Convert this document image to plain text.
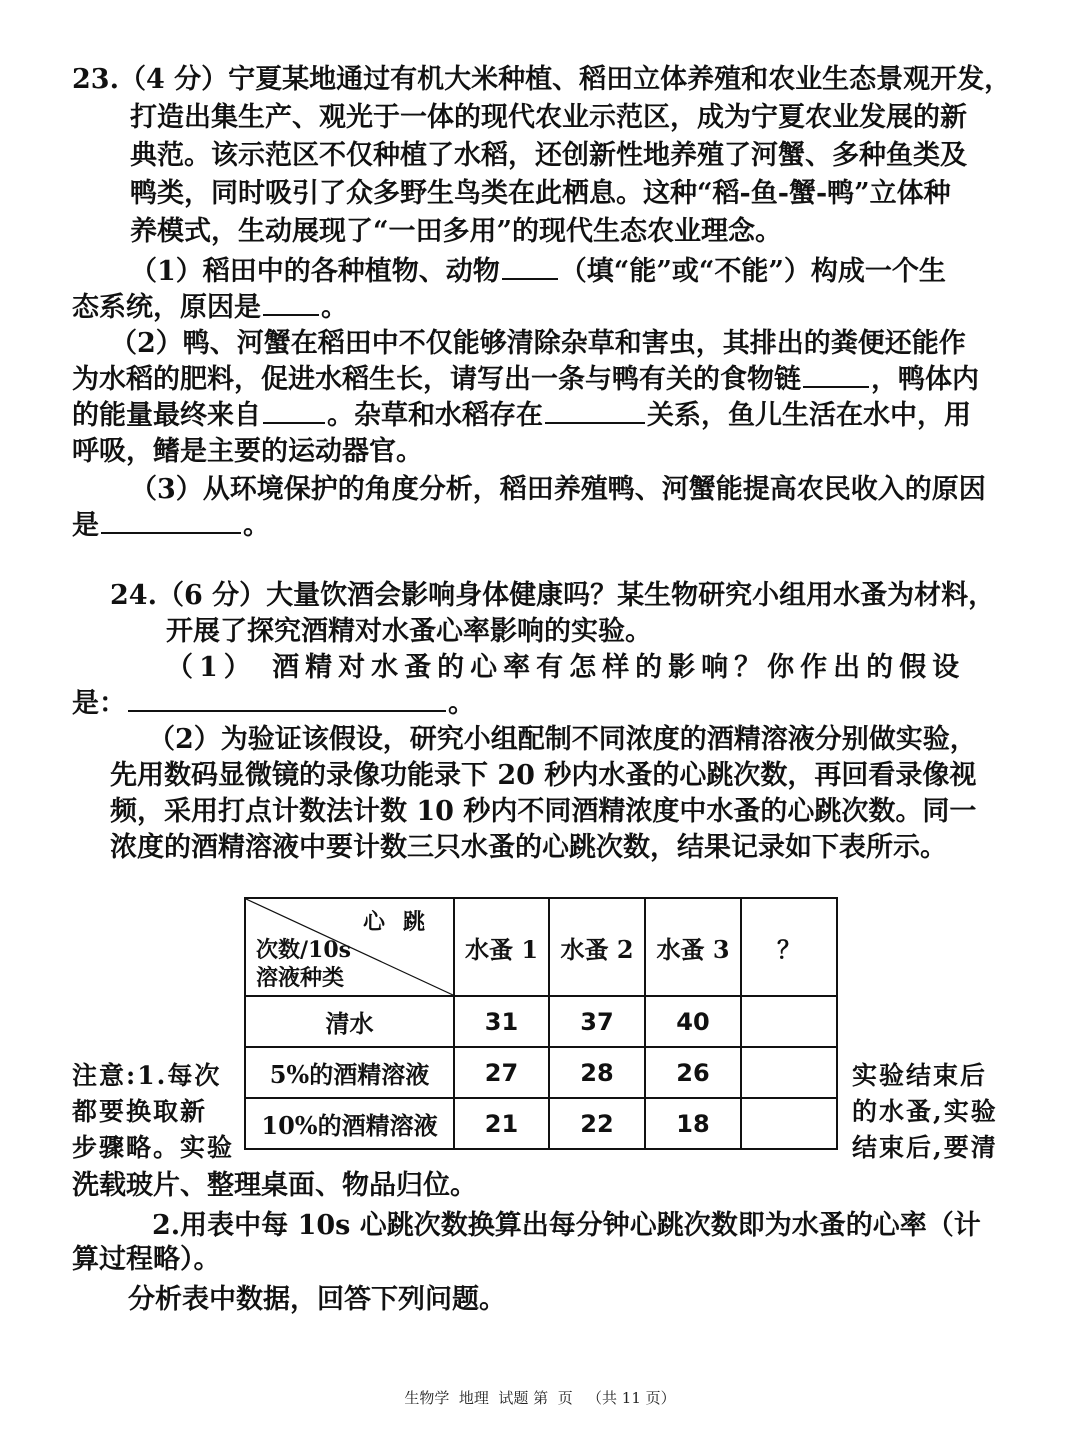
23.（4 分）宁夏某地通过有机大米种植、稻田立体养殖和农业生态景观开发，
打造出集生产、观光于一体的现代农业示范区，成为宁夏农业发展的新
典范。该示范区不仅种植了水稻，还创新性地养殖了河蟹、多种鱼类及
鸭类，同时吸引了众多野生鸟类在此栖息。这种“稻-鱼-蟹-鸭”立体种
养模式，生动展现了“一田多用”的现代生态农业理念。
（1）稻田中的各种植物、动物 （填“能”或“不能”）构成一个生
态系统，原因是 。
（2）鸭、河蟹在稻田中不仅能够清除杂草和害虫，其排出的粪便还能作
为水稻的肥料，促进水稻生长，请写出一条与鸭有关的食物链	，鸭体内
的能量最终来自 。杂草和水稻存在	关系，鱼儿生活在水中，用
呼吸，鳍是主要的运动器官。
（3）从环境保护的角度分析，稻田养殖鸭、河蟹能提高农民收入的原因
是	。
24.（6 分）大量饮酒会影响身体健康吗？某生物研究小组用水蚤为材料，
开展了探究酒精对水蚤心率影响的实验。
（1） 酒精对水蚤的心率有怎样的影响？你作出的假设
是：	。
（2）为验证该假设，研究小组配制不同浓度的酒精溶液分别做实验，
先用数码显微镜的录像功能录下 20 秒内水蚤的心跳次数，再回看录像视
频，采用打点计数法计数 10 秒内不同酒精浓度中水蚤的心跳次数。同一
浓度的酒精溶液中要计数三只水蚤的心跳次数，结果记录如下表所示。
心跳
次数/10s
溶液种类	水蚤 1	水蚤 2	水蚤 3	？
清水	31	37	40	
5%的酒精溶液	27	28	26	
10%的酒精溶液	21	22	18	
注意:1.每次
都要换取新
步骤略。实验
实验结束后
的水蚤,实验
结束后,要清
洗载玻片、整理桌面、物品归位。
2.用表中每 10s 心跳次数换算出每分钟心跳次数即为水蚤的心率（计
算过程略）。
分析表中数据，回答下列问题。
生物学  地理  试题 第  页   （共 11 页）
